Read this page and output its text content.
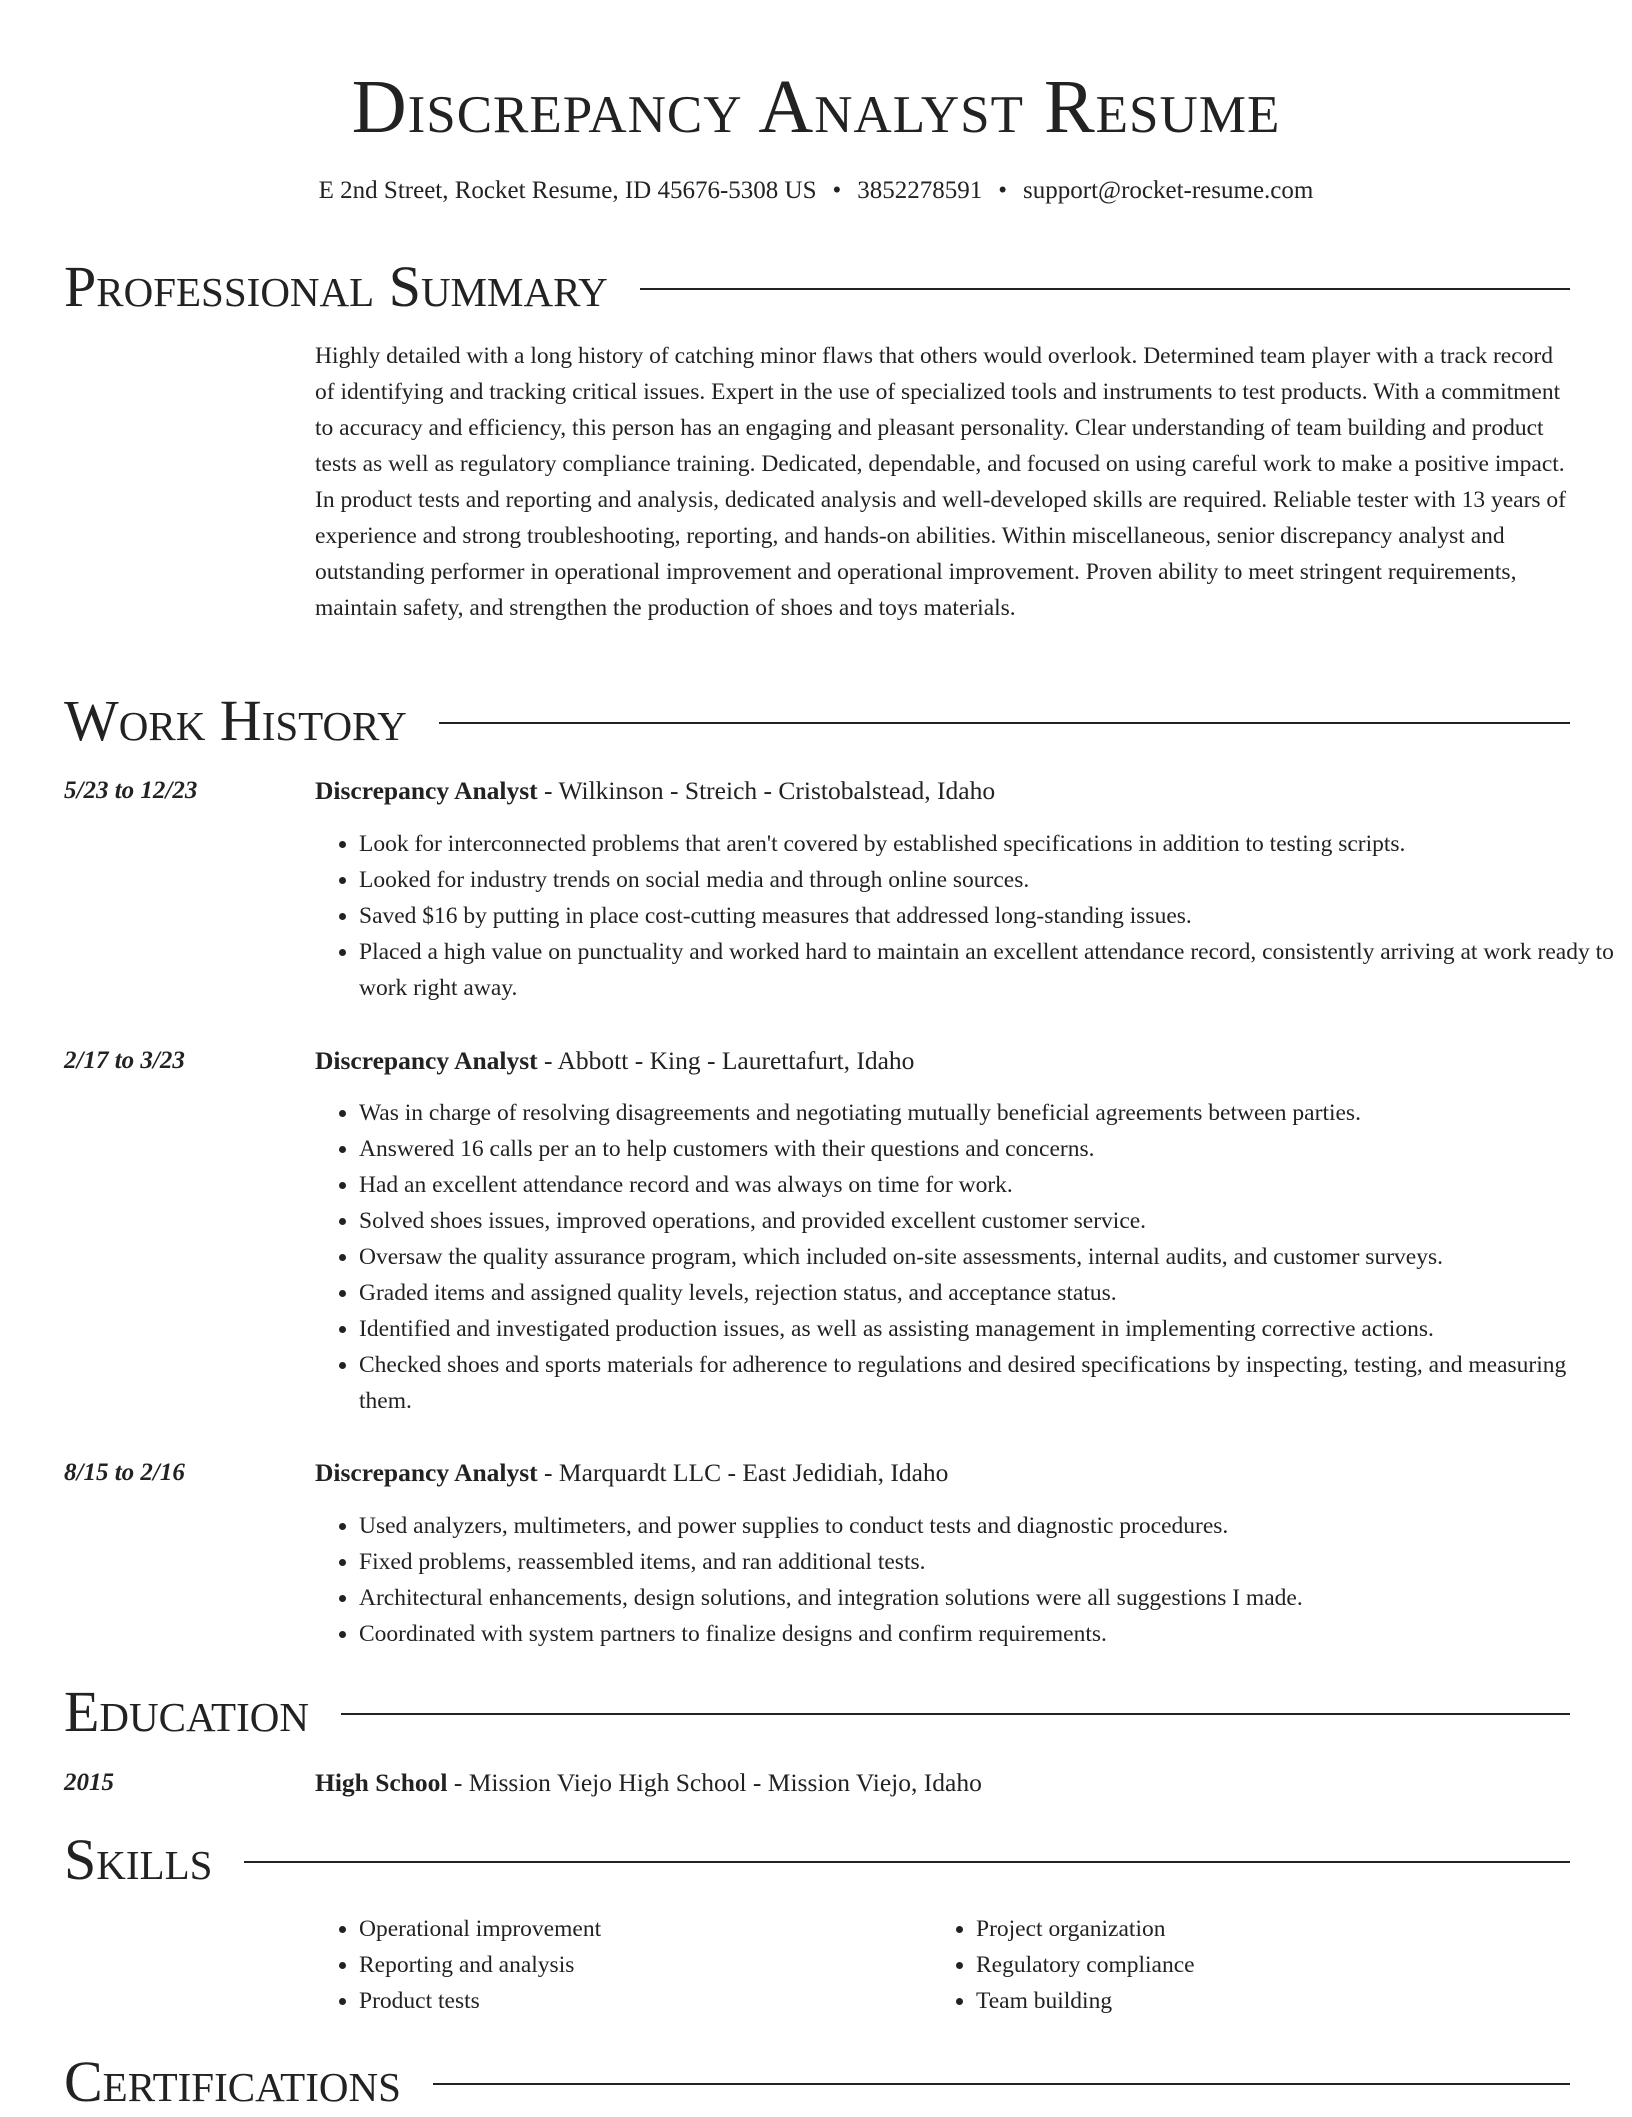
Discrepancy Analyst Resume
E 2nd Street, Rocket Resume, ID 45676-5308 US • 3852278591 • support@rocket-resume.com
Professional Summary

Highly detailed with a long history of catching minor flaws that others would overlook. Determined team player with a track record of identifying and tracking critical issues. Expert in the use of specialized tools and instruments to test products. With a commitment to accuracy and efficiency, this person has an engaging and pleasant personality. Clear understanding of team building and product tests as well as regulatory compliance training. Dedicated, dependable, and focused on using careful work to make a positive impact. In product tests and reporting and analysis, dedicated analysis and well-developed skills are required. Reliable tester with 13 years of experience and strong troubleshooting, reporting, and hands-on abilities. Within miscellaneous, senior discrepancy analyst and outstanding performer in operational improvement and operational improvement. Proven ability to meet stringent requirements, maintain safety, and strengthen the production of shoes and toys materials.

Work History
5/23 to 12/23	Discrepancy Analyst - Wilkinson - Streich - Cristobalstead, Idaho
• Look for interconnected problems that aren't covered by established specifications in addition to testing scripts.
• Looked for industry trends on social media and through online sources.
• Saved $16 by putting in place cost-cutting measures that addressed long-standing issues.
• Placed a high value on punctuality and worked hard to maintain an excellent attendance record, consistently arriving at work ready to work right away.
2/17 to 3/23	Discrepancy Analyst - Abbott - King - Laurettafurt, Idaho
• Was in charge of resolving disagreements and negotiating mutually beneficial agreements between parties.
• Answered 16 calls per an to help customers with their questions and concerns.
• Had an excellent attendance record and was always on time for work.
• Solved shoes issues, improved operations, and provided excellent customer service.
• Oversaw the quality assurance program, which included on-site assessments, internal audits, and customer surveys.
• Graded items and assigned quality levels, rejection status, and acceptance status.
• Identified and investigated production issues, as well as assisting management in implementing corrective actions.
• Checked shoes and sports materials for adherence to regulations and desired specifications by inspecting, testing, and measuring them.
8/15 to 2/16	Discrepancy Analyst - Marquardt LLC - East Jedidiah, Idaho
• Used analyzers, multimeters, and power supplies to conduct tests and diagnostic procedures.
• Fixed problems, reassembled items, and ran additional tests.
• Architectural enhancements, design solutions, and integration solutions were all suggestions I made.
• Coordinated with system partners to finalize designs and confirm requirements.
Education
2015	High School - Mission Viejo High School - Mission Viejo, Idaho
Skills
• Operational improvement
• Reporting and analysis
• Product tests
• Project organization
• Regulatory compliance
• Team building
Certifications
